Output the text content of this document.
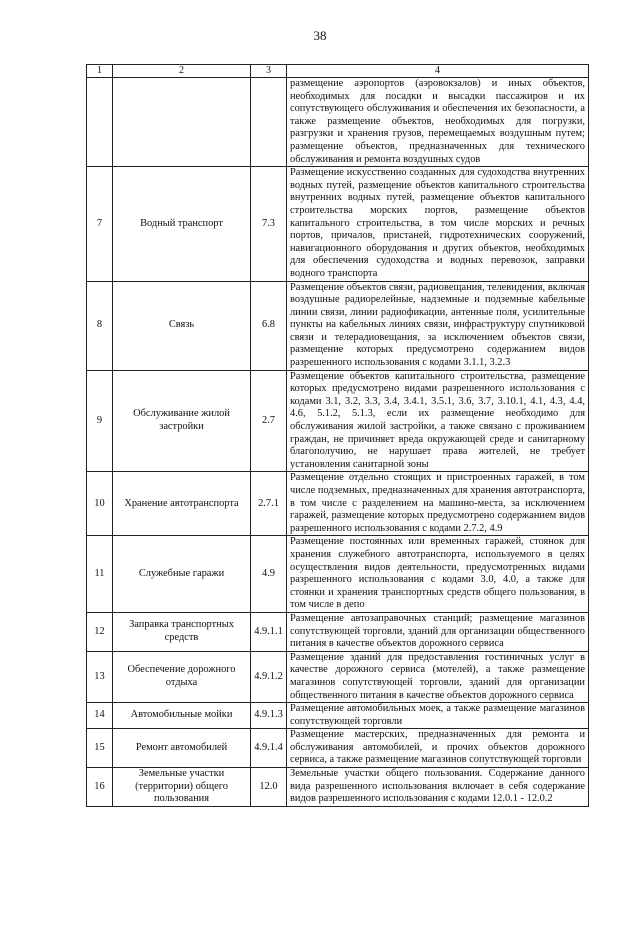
38
1	2	3	4
			размещение аэропортов (аэровокзалов) и иных объектов, необходимых для посадки и высадки пассажиров и их сопутствующего обслуживания и обеспечения их безопасности, а также размещение объектов, необходимых для погрузки, разгрузки и хранения грузов, перемещаемых воздушным путем; размещение объектов, предназначенных для технического обслуживания и ремонта воздушных судов
7	Водный транспорт	7.3	Размещение искусственно созданных для судоходства внутренних водных путей, размещение объектов капитального строительства внутренних водных путей, размещение объектов капитального строительства морских портов, размещение объектов капитального строительства, в том числе морских и речных портов, причалов, пристаней, гидротехнических сооружений, навигационного оборудования и других объектов, необходимых для обеспечения судоходства и водных перевозок, заправки водного транспорта
8	Связь	6.8	Размещение объектов связи, радиовещания, телевидения, включая воздушные радиорелейные, надземные и подземные кабельные линии связи, линии радиофикации, антенные поля, усилительные пункты на кабельных линиях связи, инфраструктуру спутниковой связи и телерадиовещания, за исключением объектов связи, размещение которых предусмотрено содержанием видов разрешенного использования с кодами 3.1.1, 3.2.3
9	Обслуживание жилой застройки	2.7	Размещение объектов капитального строительства, размещение которых предусмотрено видами разрешенного использования с кодами 3.1, 3.2, 3.3, 3.4, 3.4.1, 3.5.1, 3.6, 3.7, 3.10.1, 4.1, 4.3, 4.4, 4.6, 5.1.2, 5.1.3, если их размещение необходимо для обслуживания жилой застройки, а также связано с проживанием граждан, не причиняет вреда окружающей среде и санитарному благополучию, не нарушает права жителей, не требует установления санитарной зоны
10	Хранение автотранспорта	2.7.1	Размещение отдельно стоящих и пристроенных гаражей, в том числе подземных, предназначенных для хранения автотранспорта, в том числе с разделением на машино-места, за исключением гаражей, размещение которых предусмотрено содержанием видов разрешенного использования с кодами 2.7.2, 4.9
11	Служебные гаражи	4.9	Размещение постоянных или временных гаражей, стоянок для хранения служебного автотранспорта, используемого в целях осуществления видов деятельности, предусмотренных видами разрешенного использования с кодами 3.0, 4.0, а также для стоянки и хранения транспортных средств общего пользования, в том числе в депо
12	Заправка транспортных средств	4.9.1.1	Размещение автозаправочных станций; размещение магазинов сопутствующей торговли, зданий для организации общественного питания в качестве объектов дорожного сервиса
13	Обеспечение дорожного отдыха	4.9.1.2	Размещение зданий для предоставления гостиничных услуг в качестве дорожного сервиса (мотелей), а также размещение магазинов сопутствующей торговли, зданий для организации общественного питания в качестве объектов дорожного сервиса
14	Автомобильные мойки	4.9.1.3	Размещение автомобильных моек, а также размещение магазинов сопутствующей торговли
15	Ремонт автомобилей	4.9.1.4	Размещение мастерских, предназначенных для ремонта и обслуживания автомобилей, и прочих объектов дорожного сервиса, а также размещение магазинов сопутствующей торговли
16	Земельные участки (территории) общего пользования	12.0	Земельные участки общего пользования. Содержание данного вида разрешенного использования включает в себя содержание видов разрешенного использования с кодами 12.0.1 - 12.0.2
